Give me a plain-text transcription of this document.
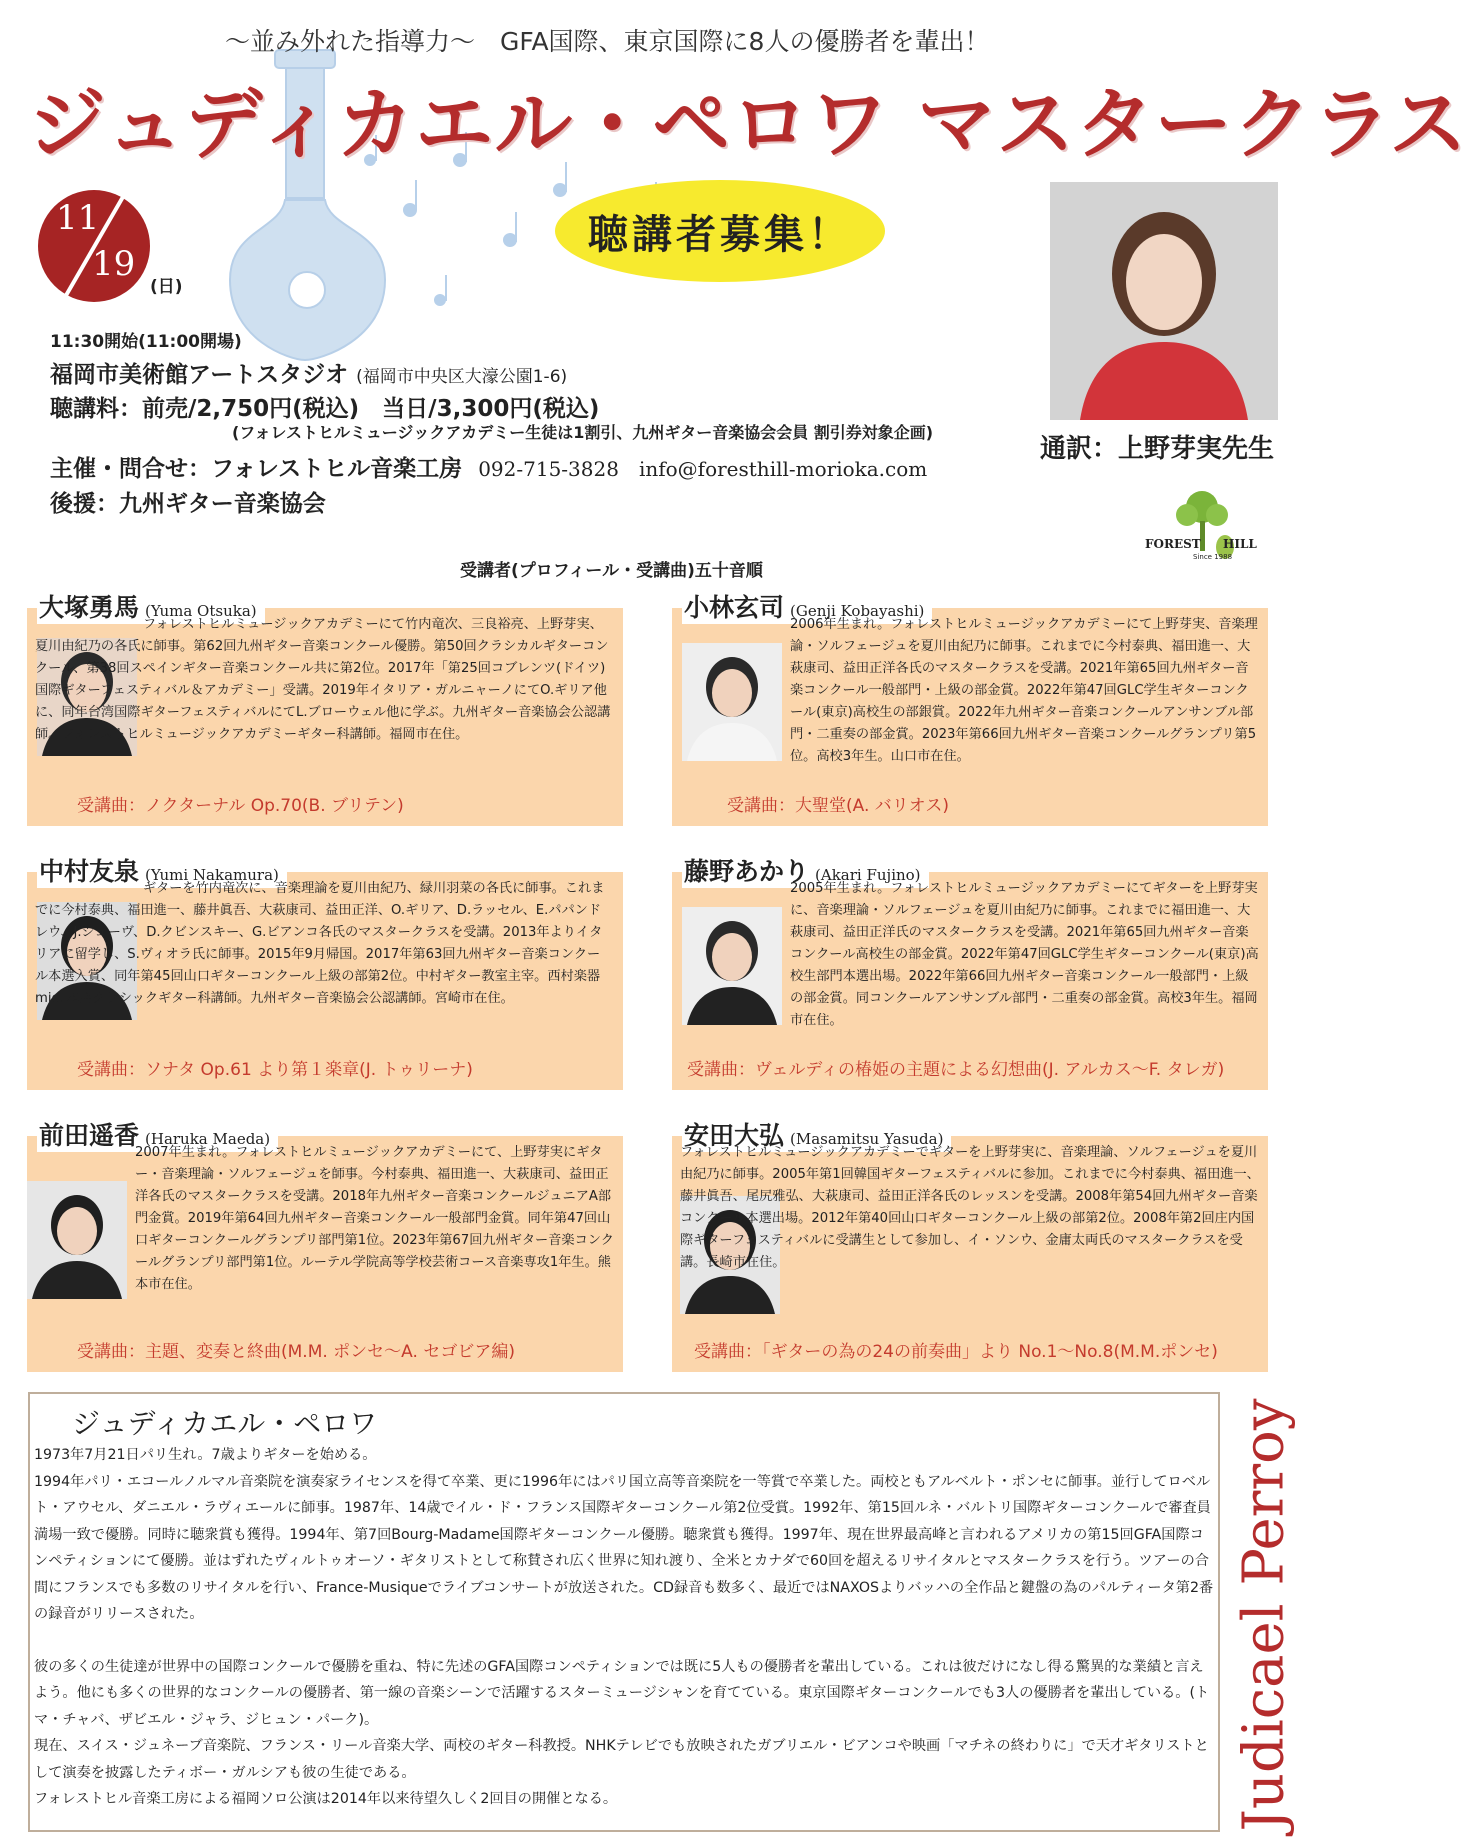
～並み外れた指導力～　GFA国際、東京国際に8人の優勝者を輩出！
ジュディカエル・ペロワ マスタークラス
11
19
(日)
聴講者募集！
通訳：上野芽実先生
11:30開始(11:00開場)
福岡市美術館アートスタジオ (福岡市中央区大濠公園1-6)
聴講料：前売/2,750円(税込)　当日/3,300円(税込)
(フォレストヒルミュージックアカデミー生徒は1割引、九州ギター音楽協会会員 割引券対象企画)
主催・問合せ：フォレストヒル音楽工房 092-715-3828　info@foresthill-morioka.com
後援：九州ギター音楽協会
FOREST HILL
Since 1988
受講者(プロフィール・受講曲)五十音順
大塚勇馬 (Yuma Otsuka)
フォレストヒルミュージックアカデミーにて竹内竜次、三良裕亮、上野芽実、夏川由紀乃の各氏に師事。第62回九州ギター音楽コンクール優勝。第50回クラシカルギターコンクール、第38回スペインギター音楽コンクール共に第2位。2017年「第25回コブレンツ(ドイツ)国際ギターフェスティバル＆アカデミー」受講。2019年イタリア・ガルニャーノにてO.ギリア他に、同年台湾国際ギターフェスティバルにてL.ブローウェル他に学ぶ。九州ギター音楽協会公認講師。フォレストヒルミュージックアカデミーギター科講師。福岡市在住。
受講曲：ノクターナル Op.70(B. ブリテン)
小林玄司 (Genji Kobayashi)
2006年生まれ。フォレストヒルミュージックアカデミーにて上野芽実、音楽理論・ソルフェージュを夏川由紀乃に師事。これまでに今村泰典、福田進一、大萩康司、益田正洋各氏のマスタークラスを受講。2021年第65回九州ギター音楽コンクール一般部門・上級の部金賞。2022年第47回GLC学生ギターコンクール(東京)高校生の部銀賞。2022年九州ギター音楽コンクールアンサンブル部門・二重奏の部金賞。2023年第66回九州ギター音楽コンクールグランプリ第5位。高校3年生。山口市在住。
受講曲：大聖堂(A. バリオス)
中村友泉 (Yumi Nakamura)
ギターを竹内竜次に、音楽理論を夏川由紀乃、緑川羽菜の各氏に師事。これまでに今村泰典、福田進一、藤井眞吾、大萩康司、益田正洋、O.ギリア、D.ラッセル、E.パパンドレウ、J.ジューヴ、D.クビンスキー、G.ビアンコ各氏のマスタークラスを受講。2013年よりイタリアに留学し、S.ヴィオラ氏に師事。2015年9月帰国。2017年第63回九州ギター音楽コンクール本選入賞、同年第45回山口ギターコンクール上級の部第2位。中村ギター教室主宰。西村楽器micc本店クラシックギター科講師。九州ギター音楽協会公認講師。宮崎市在住。
受講曲：ソナタ Op.61 より第１楽章(J. トゥリーナ)
藤野あかり (Akari Fujino)
2005年生まれ。フォレストヒルミュージックアカデミーにてギターを上野芽実に、音楽理論・ソルフェージュを夏川由紀乃に師事。これまでに福田進一、大萩康司、益田正洋氏のマスタークラスを受講。2021年第65回九州ギター音楽コンクール高校生の部金賞。2022年第47回GLC学生ギターコンクール(東京)高校生部門本選出場。2022年第66回九州ギター音楽コンクール一般部門・上級の部金賞。同コンクールアンサンブル部門・二重奏の部金賞。高校3年生。福岡市在住。
受講曲：ヴェルディの椿姫の主題による幻想曲(J. アルカス～F. タレガ)
前田遥香 (Haruka Maeda)
2007年生まれ。フォレストヒルミュージックアカデミーにて、上野芽実にギター・音楽理論・ソルフェージュを師事。今村泰典、福田進一、大萩康司、益田正洋各氏のマスタークラスを受講。2018年九州ギター音楽コンクールジュニアA部門金賞。2019年第64回九州ギター音楽コンクール一般部門金賞。同年第47回山口ギターコンクールグランプリ部門第1位。2023年第67回九州ギター音楽コンクールグランプリ部門第1位。ルーテル学院高等学校芸術コース音楽専攻1年生。熊本市在住。
受講曲：主題、変奏と終曲(M.M. ポンセ～A. セゴビア編)
安田大弘 (Masamitsu Yasuda)
フォレストヒルミュージックアカデミーでギターを上野芽実に、音楽理論、ソルフェージュを夏川由紀乃に師事。2005年第1回韓国ギターフェスティバルに参加。これまでに今村泰典、福田進一、藤井眞吾、尾尻雅弘、大萩康司、益田正洋各氏のレッスンを受講。2008年第54回九州ギター音楽コンクール本選出場。2012年第40回山口ギターコンクール上級の部第2位。2008年第2回庄内国際ギターフェスティバルに受講生として参加し、イ・ソンウ、金庸太両氏のマスタークラスを受講。長崎市在住。
受講曲：「ギターの為の24の前奏曲」より No.1～No.8(M.M.ポンセ)
ジュディカエル・ペロワ

1973年7月21日パリ生れ。7歳よりギターを始める。

1994年パリ・エコールノルマル音楽院を演奏家ライセンスを得て卒業、更に1996年にはパリ国立高等音楽院を一等賞で卒業した。両校ともアルベルト・ポンセに師事。並行してロベルト・アウセル、ダニエル・ラヴィエールに師事。1987年、14歳でイル・ド・フランス国際ギターコンクール第2位受賞。1992年、第15回ルネ・バルトリ国際ギターコンクールで審査員満場一致で優勝。同時に聴衆賞も獲得。1994年、第7回Bourg-Madame国際ギターコンクール優勝。聴衆賞も獲得。1997年、現在世界最高峰と言われるアメリカの第15回GFA国際コンペティションにて優勝。並はずれたヴィルトゥオーソ・ギタリストとして称賛され広く世界に知れ渡り、全米とカナダで60回を超えるリサイタルとマスタークラスを行う。ツアーの合間にフランスでも多数のリサイタルを行い、France-Musiqueでライブコンサートが放送された。CD録音も数多く、最近ではNAXOSよりバッハの全作品と鍵盤の為のパルティータ第2番の録音がリリースされた。

彼の多くの生徒達が世界中の国際コンクールで優勝を重ね、特に先述のGFA国際コンペティションでは既に5人もの優勝者を輩出している。これは彼だけになし得る驚異的な業績と言えよう。他にも多くの世界的なコンクールの優勝者、第一線の音楽シーンで活躍するスターミュージシャンを育てている。東京国際ギターコンクールでも3人の優勝者を輩出している。(トマ・チャバ、ザビエル・ジャラ、ジヒュン・パーク)。

現在、スイス・ジュネーブ音楽院、フランス・リール音楽大学、両校のギター科教授。NHKテレビでも放映されたガブリエル・ビアンコや映画「マチネの終わりに」で天才ギタリストとして演奏を披露したティボー・ガルシアも彼の生徒である。

フォレストヒル音楽工房による福岡ソロ公演は2014年以来待望久しく2回目の開催となる。	Judicael Perroy
